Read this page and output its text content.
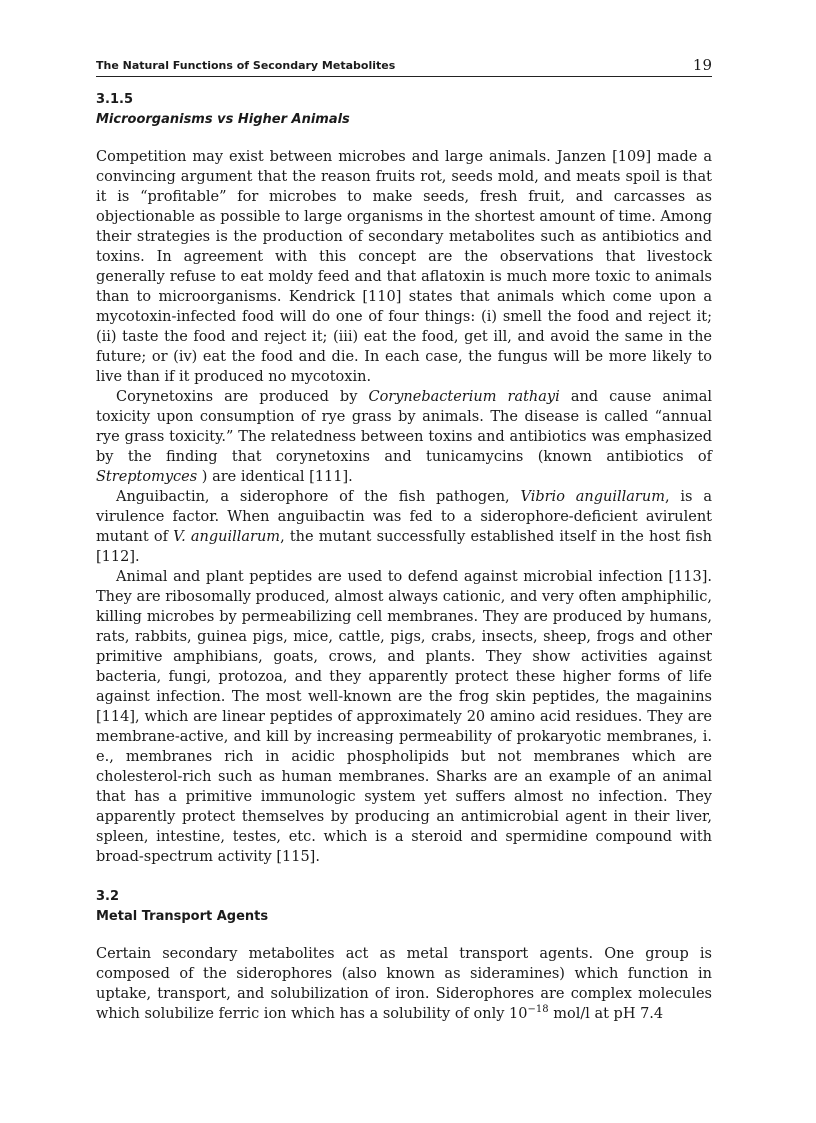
The Natural Functions of Secondary Metabolites	19
3.1.5
Microorganisms vs Higher Animals

Competition may exist between microbes and large animals. Janzen [109] made a convincing argument that the reason fruits rot, seeds mold, and meats spoil is that it is “profitable” for microbes to make seeds, fresh fruit, and carcasses as objectionable as possible to large organisms in the shortest amount of time. Among their strategies is the production of secondary metabolites such as antibiotics and toxins. In agreement with this concept are the observations that livestock generally refuse to eat moldy feed and that aflatoxin is much more toxic to animals than to microorganisms. Kendrick [110] states that animals which come upon a mycotoxin-infected food will do one of four things: (i) smell the food and reject it; (ii) taste the food and reject it; (iii) eat the food, get ill, and avoid the same in the future; or (iv) eat the food and die. In each case, the fungus will be more likely to live than if it produced no mycotoxin.

Corynetoxins are produced by Corynebacterium rathayi and cause animal toxicity upon consumption of rye grass by animals. The disease is called “annual rye grass toxicity.” The relatedness between toxins and antibiotics was emphasized by the finding that corynetoxins and tunicamycins (known antibiotics of Streptomyces ) are identical [111].

Anguibactin, a siderophore of the fish pathogen, Vibrio anguillarum, is a virulence factor. When anguibactin was fed to a siderophore-deficient avirulent mutant of V. anguillarum, the mutant successfully established itself in the host fish [112].

Animal and plant peptides are used to defend against microbial infection [113]. They are ribosomally produced, almost always cationic, and very often amphiphilic, killing microbes by permeabilizing cell membranes. They are produced by humans, rats, rabbits, guinea pigs, mice, cattle, pigs, crabs, insects, sheep, frogs and other primitive amphibians, goats, crows, and plants. They show activities against bacteria, fungi, protozoa, and they apparently protect these higher forms of life against infection. The most well-known are the frog skin peptides, the magainins [114], which are linear peptides of approximately 20 amino acid residues. They are membrane-active, and kill by increasing permeability of prokaryotic membranes, i. e., membranes rich in acidic phospholipids but not membranes which are cholesterol-rich such as human membranes. Sharks are an example of an animal that has a primitive immunologic system yet suffers almost no infection. They apparently protect themselves by producing an antimicrobial agent in their liver, spleen, intestine, testes, etc. which is a steroid and spermidine compound with broad-spectrum activity [115].

3.2
Metal Transport Agents

Certain secondary metabolites act as metal transport agents. One group is composed of the siderophores (also known as sideramines) which function in uptake, transport, and solubilization of iron. Siderophores are complex molecules which solubilize ferric ion which has a solubility of only $10^{-18}$ mol/l at pH 7.4
